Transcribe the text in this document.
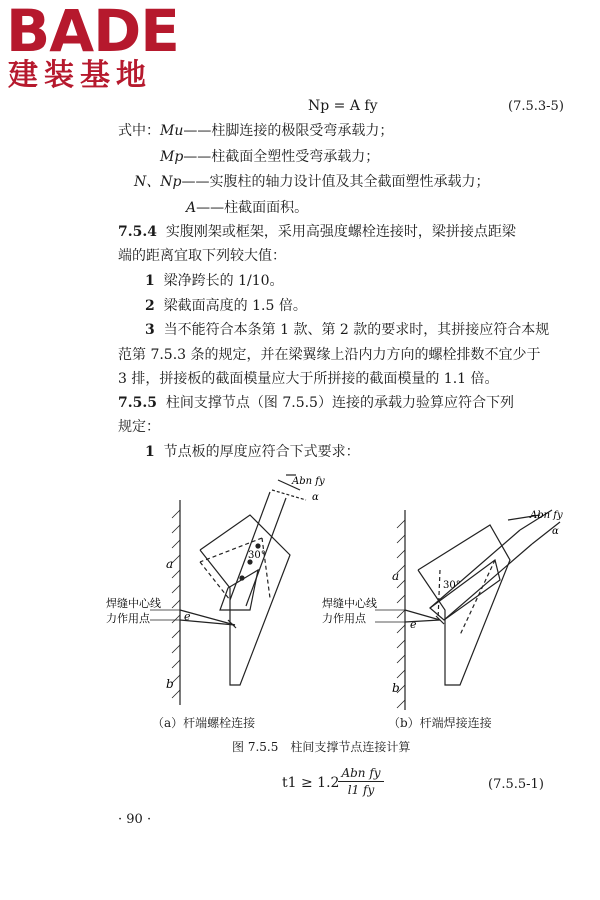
BADE
建装基地
Np = A fy	(7.5.3-5)
式中：Mu——柱脚连接的极限受弯承载力；
Mp——柱截面全塑性受弯承载力；
N、Np——实腹柱的轴力设计值及其全截面塑性承载力；
A——柱截面面积。
7.5.4 实腹刚架或框架，采用高强度螺栓连接时，梁拼接点距梁
端的距离宜取下列较大值：
1 梁净跨长的 1/10。
2 梁截面高度的 1.5 倍。
3 当不能符合本条第 1 款、第 2 款的要求时，其拼接应符合本规
范第 7.5.3 条的规定，并在梁翼缘上沿内力方向的螺栓排数不宜少于
3 排，拼接板的截面模量应大于所拼接的截面模量的 1.1 倍。
7.5.5 柱间支撑节点（图 7.5.5）连接的承载力验算应符合下列
规定：
1 节点板的厚度应符合下式要求：
a
b
e
焊缝中心线
力作用点
30°
Abn fy
α
a
b
e
焊缝中心线
力作用点
30°
Abn fy
α
（a）杆端螺栓连接	（b）杆端焊接连接
图 7.5.5　柱间支撑节点连接计算
t1 ≥ 1.2
Abn fy
l1 fy	(7.5.5-1)
· 90 ·
